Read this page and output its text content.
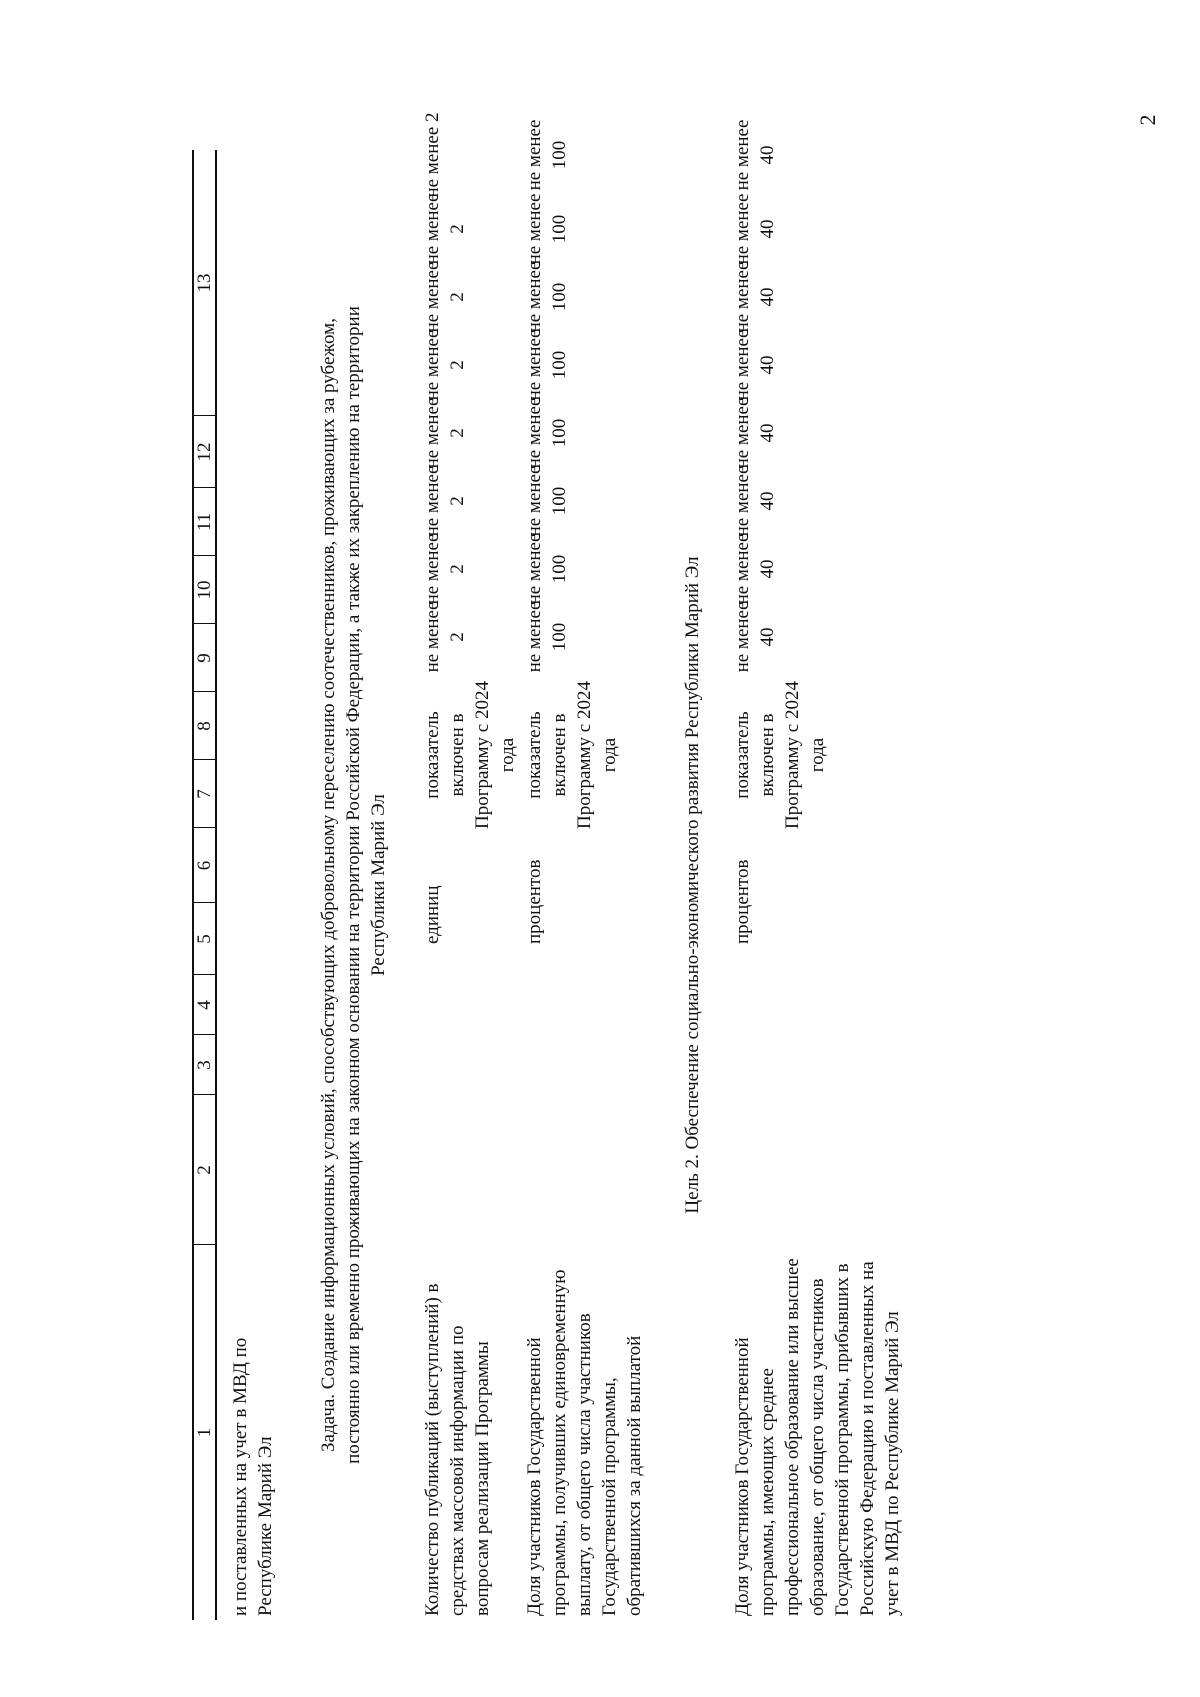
2
1
2
3
4
5
6
7
8
9
10
11
12
13
и поставленных на учет в МВД по Республике Марий Эл
Задача. Создание информационных условий, способствующих добровольному переселению соотечественников, проживающих за рубежом, постоянно или временно проживающих на законном основании на территории Российской Федерации, а также их закреплению на территории Республики Марий Эл
Количество публикаций (выступлений) в средствах массовой информации по вопросам реализации Программы
единиц
показатель включен в Программу с 2024 года
не менее 2
не менее 2
не менее 2
не менее 2
не менее 2
не менее 2
не менее 2
не менее 2
Доля участников Государственной программы, получивших единовременную выплату, от общего числа участников Государственной программы, обратившихся за данной выплатой
процентов
показатель включен в Программу с 2024 года
не менее 100
не менее 100
не менее 100
не менее 100
не менее 100
не менее 100
не менее 100
не менее 100
Цель 2. Обеспечение социально-экономического развития Республики Марий Эл
Доля участников Государственной программы, имеющих среднее профессиональное образование или высшее образование, от общего числа участников Государственной программы, прибывших в Российскую Федерацию и поставленных на учет в МВД по Республике Марий Эл
процентов
показатель включен в Программу с 2024 года
не менее 40
не менее 40
не менее 40
не менее 40
не менее 40
не менее 40
не менее 40
не менее 40
